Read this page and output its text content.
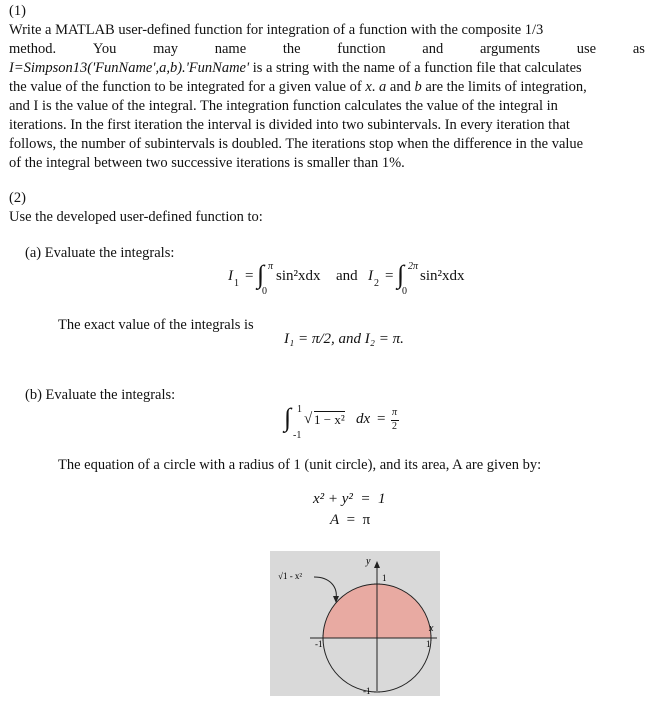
(1)
Write a MATLAB user-defined function for integration of a function with the composite 1/3
method.	You	may	name	the	function	and	arguments	use	as
I=Simpson13('FunName',a,b).'FunName' is a string with the name of a function file that calculates
the value of the function to be integrated for a given value of x. a and b are the limits of integration,
and I is the value of the integral. The integration function calculates the value of the integral in
iterations. In the first iteration the interval is divided into two subintervals. In every iteration that
follows, the number of subintervals is doubled. The iterations stop when the difference in the value
of the integral between two successive iterations is smaller than 1%.
(2)
Use the developed user-defined function to:
(a) Evaluate the integrals:
I 1 = ∫ π
0
sin²xdx and I 2 = ∫ 2π
0
sin²xdx
The exact value of the integrals is
I₁ = π/2, and I₂ = π.
(b) Evaluate the integrals:
∫ 1
-1
√ 1 − x² dx = π
2
The equation of a circle with a radius of 1 (unit circle), and its area, A are given by:
x² + y²  =  1
A =  π
√1 - x²
y
1
-1
-1	1
x
